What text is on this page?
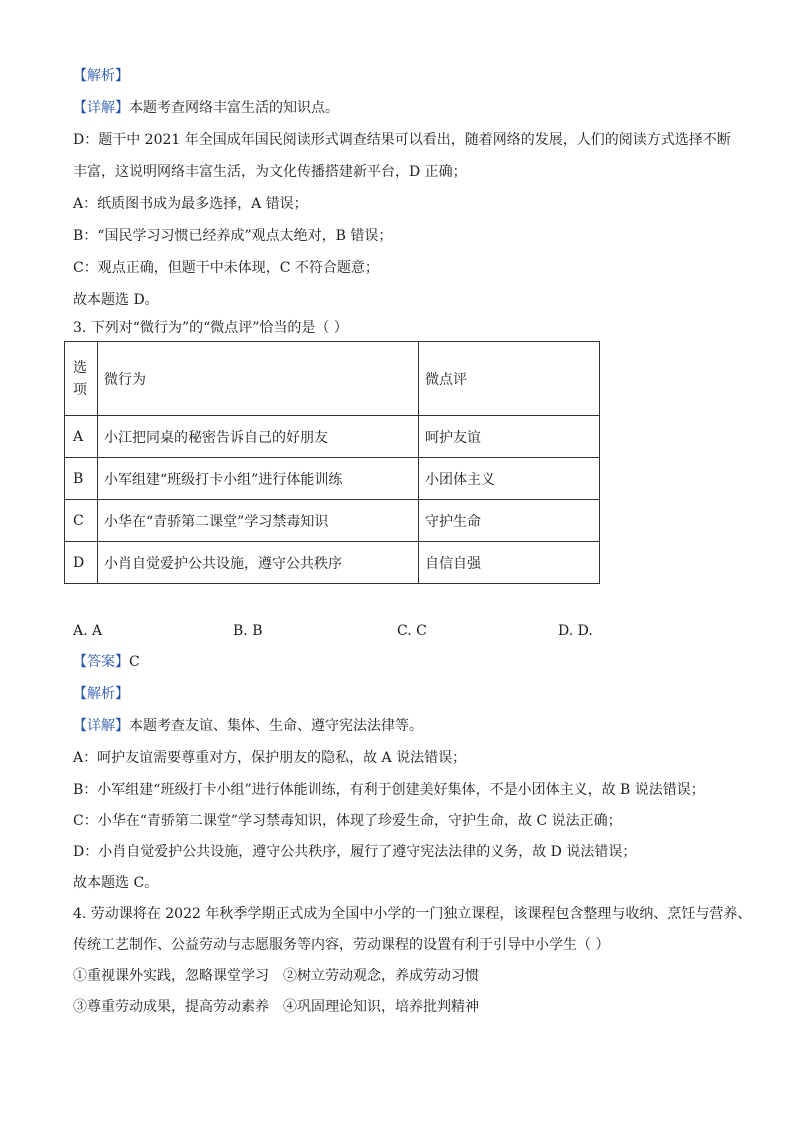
【解析】
【详解】本题考查网络丰富生活的知识点。
D：题干中 2021 年全国成年国民阅读形式调查结果可以看出，随着网络的发展，人们的阅读方式选择不断
丰富，这说明网络丰富生活，为文化传播搭建新平台，D 正确；
A：纸质图书成为最多选择，A 错误；
B：“国民学习习惯已经养成”观点太绝对，B 错误；
C：观点正确，但题干中未体现，C 不符合题意；
故本题选 D。
3. 下列对“微行为”的“微点评”恰当的是（ ）
选
项	微行为	微点评
A	小江把同桌的秘密告诉自己的好朋友	呵护友谊
B	小军组建“班级打卡小组”进行体能训练	小团体主义
C	小华在“青骄第二课堂”学习禁毒知识	守护生命
D	小肖自觉爱护公共设施，遵守公共秩序	自信自强
A. A	B. B	C. C	D. D.
【答案】C
【解析】
【详解】本题考查友谊、集体、生命、遵守宪法法律等。
A：呵护友谊需要尊重对方，保护朋友的隐私，故 A 说法错误；
B：小军组建“班级打卡小组”进行体能训练，有利于创建美好集体，不是小团体主义，故 B 说法错误；
C：小华在“青骄第二课堂”学习禁毒知识，体现了珍爱生命，守护生命，故 C 说法正确；
D：小肖自觉爱护公共设施，遵守公共秩序，履行了遵守宪法法律的义务，故 D 说法错误；
故本题选 C。
4. 劳动课将在 2022 年秋季学期正式成为全国中小学的一门独立课程，该课程包含整理与收纳、烹饪与营养、
传统工艺制作、公益劳动与志愿服务等内容，劳动课程的设置有利于引导中小学生（ ）
①重视课外实践，忽略课堂学习 ②树立劳动观念，养成劳动习惯
③尊重劳动成果，提高劳动素养 ④巩固理论知识，培养批判精神
